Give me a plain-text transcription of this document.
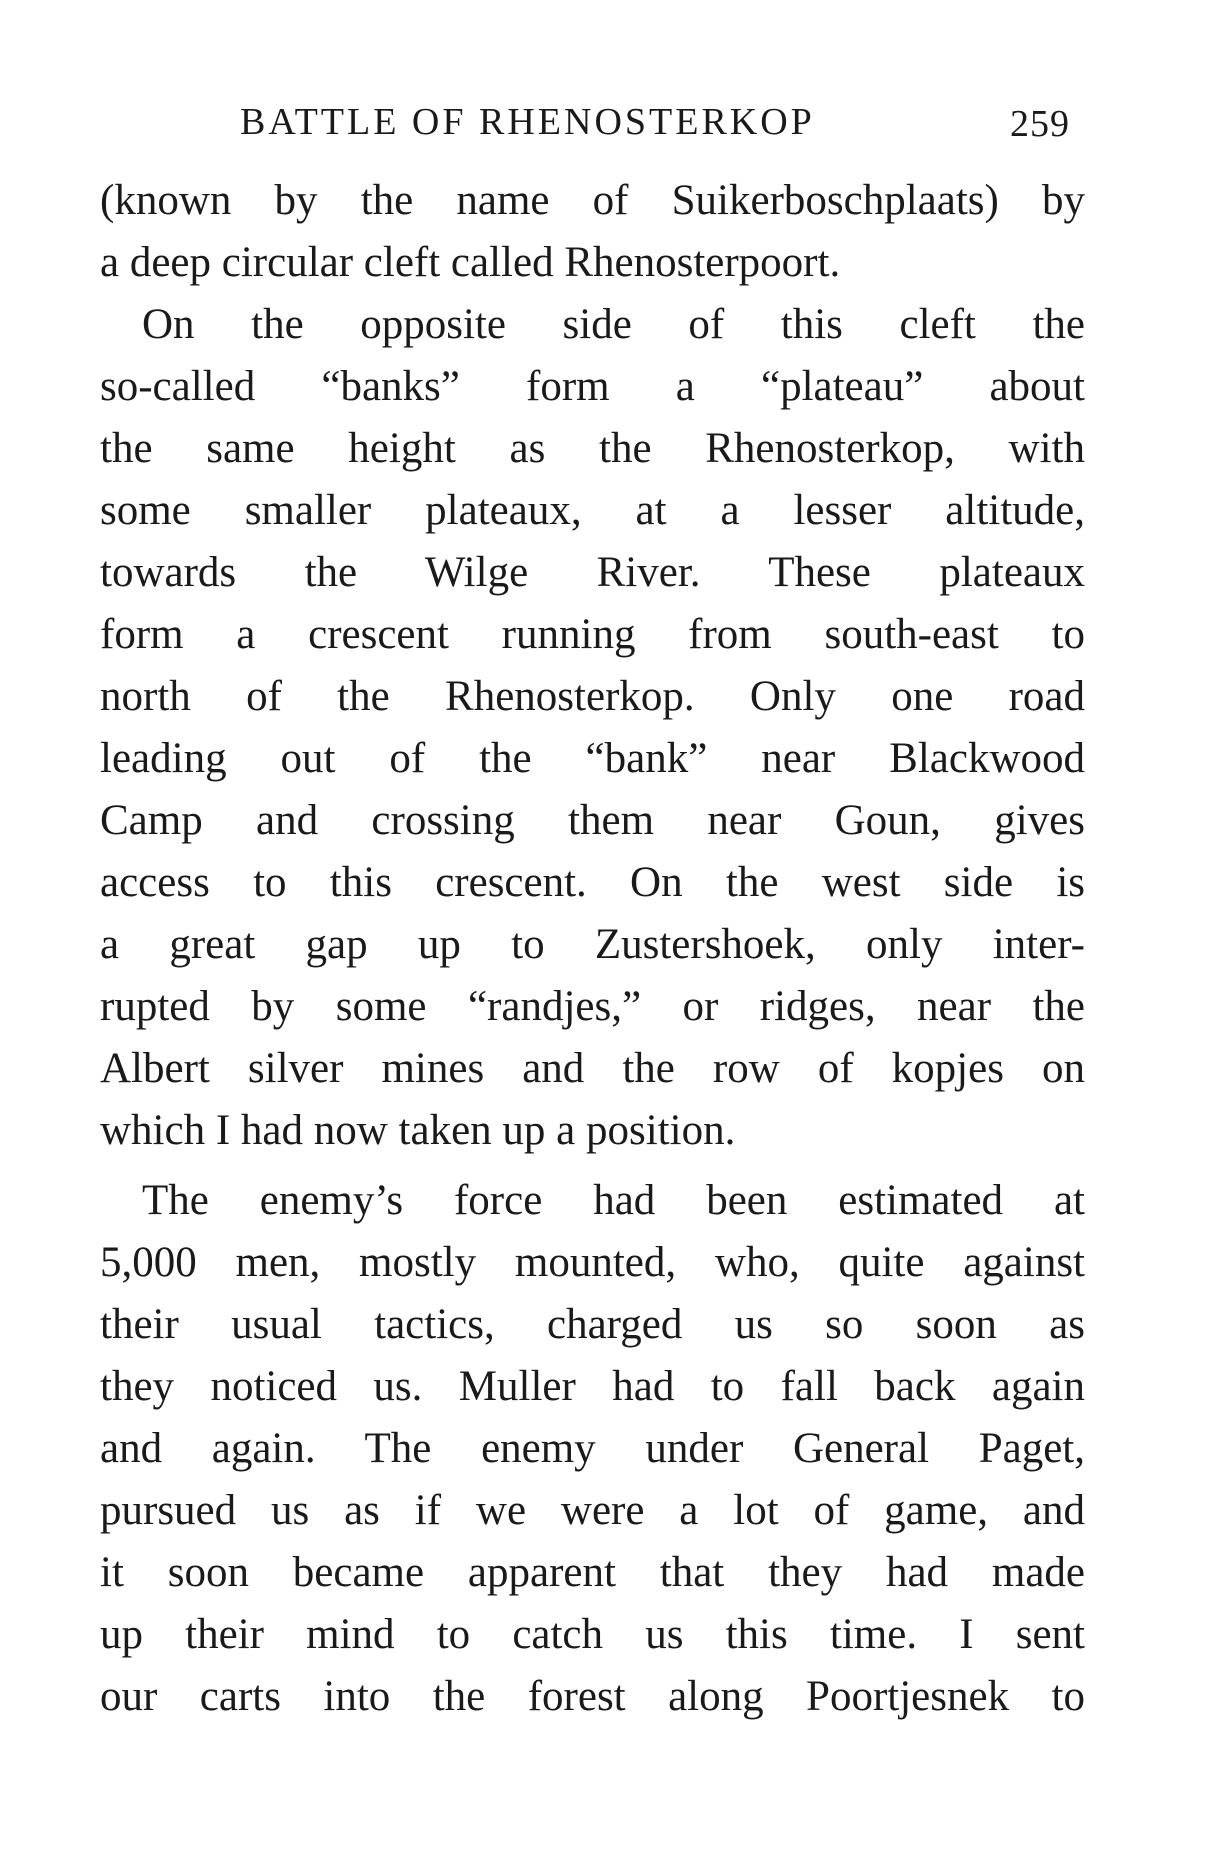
BATTLE OF RHENOSTERKOP	259
(known by the name of Suikerboschplaats) by
a deep circular cleft called Rhenosterpoort.
On the opposite side of this cleft the
so-called “banks” form a “plateau” about
the same height as the Rhenosterkop, with
some smaller plateaux, at a lesser altitude,
towards the Wilge River. These plateaux
form a crescent running from south-east to
north of the Rhenosterkop. Only one road
leading out of the “bank” near Blackwood
Camp and crossing them near Goun, gives
access to this crescent. On the west side is
a great gap up to Zustershoek, only inter-
rupted by some “randjes,” or ridges, near the
Albert silver mines and the row of kopjes on
which I had now taken up a position.
The enemy’s force had been estimated at
5,000 men, mostly mounted, who, quite against
their usual tactics, charged us so soon as
they noticed us. Muller had to fall back again
and again. The enemy under General Paget,
pursued us as if we were a lot of game, and
it soon became apparent that they had made
up their mind to catch us this time. I sent
our carts into the forest along Poortjesnek to
